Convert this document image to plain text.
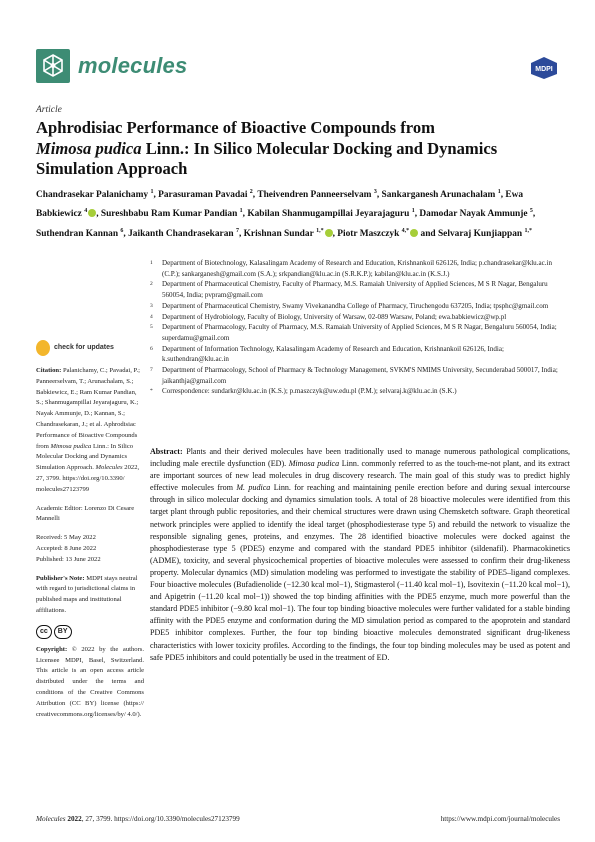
molecules	MDPI
Article
Aphrodisiac Performance of Bioactive Compounds from
Mimosa pudica Linn.: In Silico Molecular Docking and Dynamics Simulation Approach
Chandrasekar Palanichamy $^1$, Parasuraman Pavadai $^2$, Theivendren Panneerselvam $^3$, Sankarganesh Arunachalam $^1$, Ewa Babkiewicz $^4$ , Sureshbabu Ram Kumar Pandian $^1$, Kabilan Shanmugampillai Jeyarajaguru $^1$, Damodar Nayak Ammunje $^5$, Suthendran Kannan $^6$, Jaikanth Chandrasekaran $^7$, Krishnan Sundar $^{1,*}$ , Piotr Maszczyk $^{4,*}$ and Selvaraj Kunjiappan $^{1,*}$
1	Department of Biotechnology, Kalasalingam Academy of Research and Education, Krishnankoil 626126, India; p.chandrasekar@klu.ac.in (C.P.); sankarganesh@gmail.com (S.A.); srkpandian@klu.ac.in (S.R.K.P.); kabilan@klu.ac.in (K.S.J.)
2	Department of Pharmaceutical Chemistry, Faculty of Pharmacy, M.S. Ramaiah University of Applied Sciences, M S R Nagar, Bengaluru 560054, India; pvpram@gmail.com
3	Department of Pharmaceutical Chemistry, Swamy Vivekanandha College of Pharmacy, Tiruchengodu 637205, India; tpsphc@gmail.com
4	Department of Hydrobiology, Faculty of Biology, University of Warsaw, 02-089 Warsaw, Poland; ewa.babkiewicz@wp.pl
5	Department of Pharmacology, Faculty of Pharmacy, M.S. Ramaiah University of Applied Sciences, M S R Nagar, Bengaluru 560054, India; superdamu@gmail.com
6	Department of Information Technology, Kalasalingam Academy of Research and Education, Krishnankoil 626126, India; k.suthendran@klu.ac.in
7	Department of Pharmacology, School of Pharmacy & Technology Management, SVKM'S NMIMS University, Secunderabad 500017, India; jaikanthja@gmail.com
*	Correspondence: sundarkr@klu.ac.in (K.S.); p.maszczyk@uw.edu.pl (P.M.); selvaraj.k@klu.ac.in (S.K.)
check for updates
Citation: Palanichamy, C.; Pavadai, P.; Panneerselvam, T.; Arunachalam, S.; Babkiewicz, E.; Ram Kumar Pandian, S.; Shanmugampillai Jeyarajaguru, K.; Nayak Ammunje, D.; Kannan, S.; Chandrasekaran, J.; et al. Aphrodisiac Performance of Bioactive Compounds from Mimosa pudica Linn.: In Silico Molecular Docking and Dynamics Simulation Approach. Molecules 2022, 27, 3799. https://doi.org/10.3390/ molecules27123799
Academic Editor: Lorenzo Di Cesare Mannelli
Received: 5 May 2022
Accepted: 8 June 2022
Published: 13 June 2022
Publisher's Note: MDPI stays neutral with regard to jurisdictional claims in published maps and institutional affiliations.
cc	BY
Copyright: © 2022 by the authors. Licensee MDPI, Basel, Switzerland. This article is an open access article distributed under the terms and conditions of the Creative Commons Attribution (CC BY) license (https:// creativecommons.org/licenses/by/ 4.0/).
Abstract: Plants and their derived molecules have been traditionally used to manage numerous pathological complications, including male erectile dysfunction (ED). Mimosa pudica Linn. commonly referred to as the touch-me-not plant, and its extract are important sources of new lead molecules in drug discovery research. The main goal of this study was to predict highly effective molecules from M. pudica Linn. for reaching and maintaining penile erection before and during sexual intercourse through in silico molecular docking and dynamics simulation tools. A total of 28 bioactive molecules were identified from this target plant through public repositories, and their chemical structures were drawn using Chemsketch software. Graph theoretical network principles were applied to identify the ideal target (phosphodiesterase type 5) and rebuild the network to visualize the responsible signaling genes, proteins, and enzymes. The 28 identified bioactive molecules were docked against the phosphodiesterase type 5 (PDE5) enzyme and compared with the standard PDE5 inhibitor (sildenafil). Pharmacokinetics (ADME), toxicity, and several physicochemical properties of bioactive molecules were assessed to confirm their drug-likeness property. Molecular dynamics (MD) simulation modeling was performed to investigate the stability of PDE5–ligand complexes. Four bioactive molecules (Bufadienolide (−12.30 kcal mol−1), Stigmasterol (−11.40 kcal mol−1), Isovitexin (−11.20 kcal mol−1), and Apigetrin (−11.20 kcal mol−1)) showed the top binding affinities with the PDE5 enzyme, much more powerful than the standard PDE5 inhibitor (−9.80 kcal mol−1). The four top binding bioactive molecules were further validated for a stable binding affinity with the PDE5 enzyme and conformation during the MD simulation period as compared to the apoprotein and standard PDE5 inhibitor complexes. Further, the four top binding bioactive molecules demonstrated significant drug-likeness characteristics with lower toxicity profiles. According to the findings, the four top binding molecules may be used as potent and safe PDE5 inhibitors and could potentially be used in the treatment of ED.
Molecules 2022, 27, 3799. https://doi.org/10.3390/molecules27123799	https://www.mdpi.com/journal/molecules
